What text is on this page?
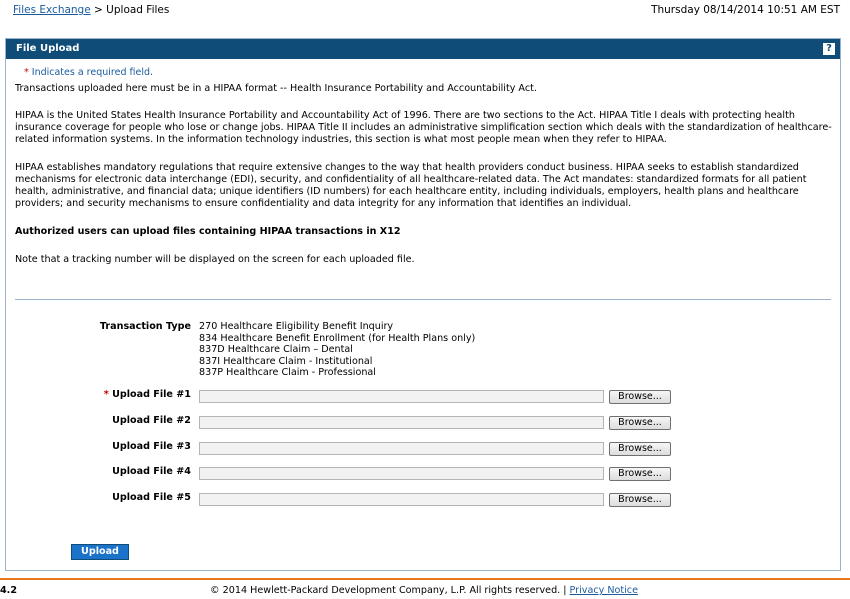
Files Exchange > Upload Files	Thursday 08/14/2014 10:51 AM EST
File Upload	?
* Indicates a required field.
Transactions uploaded here must be in a HIPAA format -- Health Insurance Portability and Accountability Act.
HIPAA is the United States Health Insurance Portability and Accountability Act of 1996. There are two sections to the Act. HIPAA Title I deals with protecting health insurance coverage for people who lose or change jobs. HIPAA Title II includes an administrative simplification section which deals with the standardization of healthcare-related information systems. In the information technology industries, this section is what most people mean when they refer to HIPAA.
HIPAA establishes mandatory regulations that require extensive changes to the way that health providers conduct business. HIPAA seeks to establish standardized mechanisms for electronic data interchange (EDI), security, and confidentiality of all healthcare-related data. The Act mandates: standardized formats for all patient health, administrative, and financial data; unique identifiers (ID numbers) for each healthcare entity, including individuals, employers, health plans and healthcare providers; and security mechanisms to ensure confidentiality and data integrity for any information that identifies an individual.
Authorized users can upload files containing HIPAA transactions in X12
Note that a tracking number will be displayed on the screen for each uploaded file.
Transaction Type 270 Healthcare Eligibility Benefit Inquiry
834 Healthcare Benefit Enrollment (for Health Plans only)
837D Healthcare Claim – Dental
837I Healthcare Claim - Institutional
837P Healthcare Claim - Professional
* Upload File #1	Browse...
Upload File #2	Browse...
Upload File #3	Browse...
Upload File #4	Browse...
Upload File #5	Browse...
Upload
4.2	© 2014 Hewlett-Packard Development Company, L.P. All rights reserved. | Privacy Notice
